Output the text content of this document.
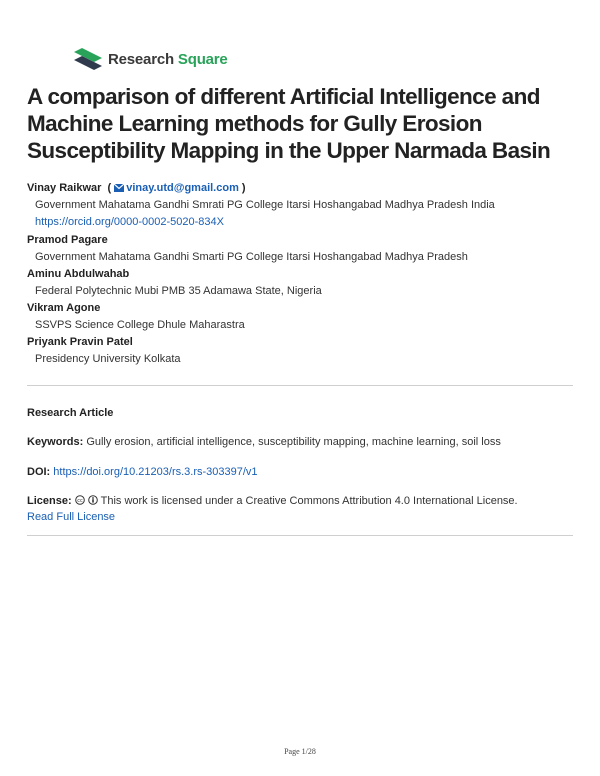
Research Square
A comparison of different Artificial Intelligence and Machine Learning methods for Gully Erosion Susceptibility Mapping in the Upper Narmada Basin
Vinay Raikwar  ( vinay.utd@gmail.com )
Government Mahatama Gandhi Smrati PG College Itarsi Hoshangabad Madhya Pradesh India
https://orcid.org/0000-0002-5020-834X
Pramod Pagare
Government Mahatama Gandhi Smarti PG College Itarsi Hoshangabad Madhya Pradesh
Aminu Abdulwahab
Federal Polytechnic Mubi PMB 35 Adamawa State, Nigeria
Vikram Agone
SSVPS Science College Dhule Maharastra
Priyank Pravin Patel
Presidency University Kolkata
Research Article
Keywords: Gully erosion, artificial intelligence, susceptibility mapping, machine learning, soil loss
DOI: https://doi.org/10.21203/rs.3.rs-303397/v1
License: cc This work is licensed under a Creative Commons Attribution 4.0 International License.
Read Full License
Page 1/28
